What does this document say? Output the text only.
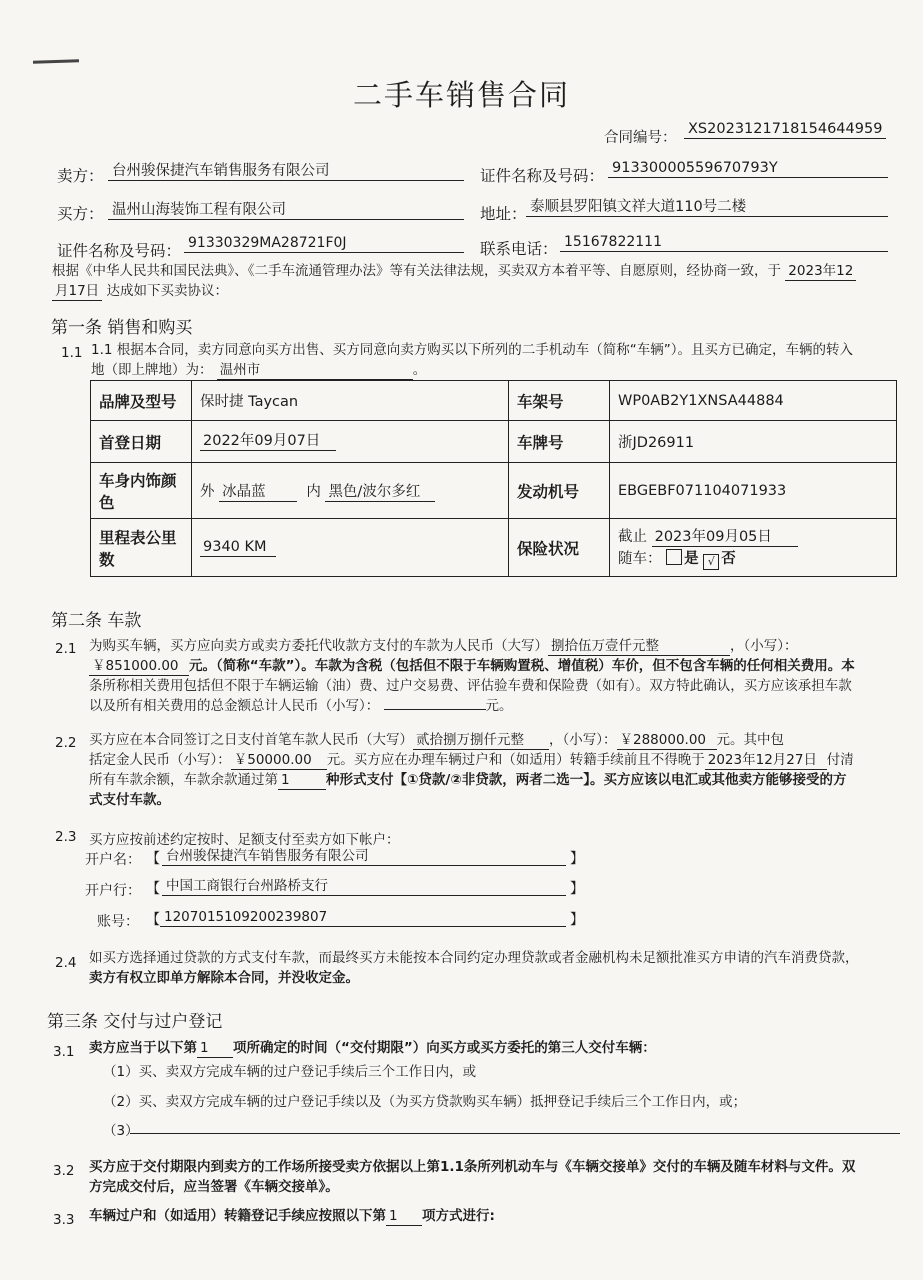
二手车销售合同
合同编号：
XS20231217181546449​59
卖方： 台州骏保捷汽车销售服务有限公司	证件名称及号码： 91330000559670793Y
买方： 温州山海装饰工程有限公司	地址： 泰顺县罗阳镇文祥大道110号二楼
证件名称及号码： 91330329MA28721F0J	联系电话： 15167822111
根据《中华人民共和国民法典》、《二手车流通管理办法》等有关法律法规，买卖双方本着平等、自愿原则，经协商一致，于 2023年12
月17日 达成如下买卖协议：
第一条 销售和购买
1.1 1.1 根据本合同，卖方同意向买方出售、买方同意向卖方购买以下所列的二手机动车（简称“车辆”）。且买方已确定，车辆的转入
地（即上牌地）为： 温州市	。
品牌及型号	保时捷 Taycan	车架号	WP0AB2Y1XNSA44884
首登日期	2022年09月07日	车牌号	浙JD26911
车身内饰颜色	外 冰晶蓝 内 黑色/波尔多红	发动机号	EBGEBF071104071933
里程表公里数	9340 KM	保险状况	截止 2023年09月05日
随车： 是 √ 否
第二条 车款
2.1 为购买车辆，买方应向卖方或卖方委托代收款方支付的车款为人民币（大写） 捌拾伍万壹仟元整	，（小写）：
￥851000.00 元。（简称“车款”）。车款为含税（包括但不限于车辆购置税、增值税）车价，但不包含车辆的任何相关费用。本
条所称相关费用包括但不限于车辆运输（油）费、过户交易费、评估验车费和保险费（如有）。双方特此确认，买方应该承担车款
以及所有相关费用的总金额总计人民币（小写）：	元。
2.2 买方应在本合同签订之日支付首笔车款人民币（大写） 贰拾捌万捌仟元整 ，（小写）： ￥288000.00 元。其中包
括定金人民币（小写）： ￥50000.00 元。买方应在办理车辆过户和（如适用）转籍手续前且不得晚于 2023年12月27日 付清
所有车款余额，车款余款通过第 1	种形式支付【①贷款/②非贷款，两者二选一】。买方应该以电汇或其他卖方能够接受的方
式支付车款。
2.3 买方应按前述约定按时、足额支付至卖方如下帐户：
开户名： 【 台州骏保捷汽车销售服务有限公司	】
开户行： 【 中国工商银行台州路桥支行	】
账号： 【 1207015109200239807	】
2.4 如买方选择通过贷款的方式支付车款，而最终买方未能按本合同约定办理贷款或者金融机构未足额批准买方申请的汽车消费贷款，
卖方有权立即单方解除本合同，并没收定金。
第三条 交付与过户登记
3.1 卖方应当于以下第 1 项所确定的时间（“交付期限”）向买方或买方委托的第三人交付车辆：
（1）买、卖双方完成车辆的过户登记手续后三个工作日内，或
（2）买、卖双方完成车辆的过户登记手续以及（为买方贷款购买车辆）抵押登记手续后三个工作日内，或；
（3）
3.2 买方应于交付期限内到卖方的工作场所接受卖方依据以上第1.1条所列机动车与《车辆交接单》交付的车辆及随车材料与文件。双
方完成交付后，应当签署《车辆交接单》。
3.3 车辆过户和（如适用）转籍登记手续应按照以下第 1 项方式进行:
